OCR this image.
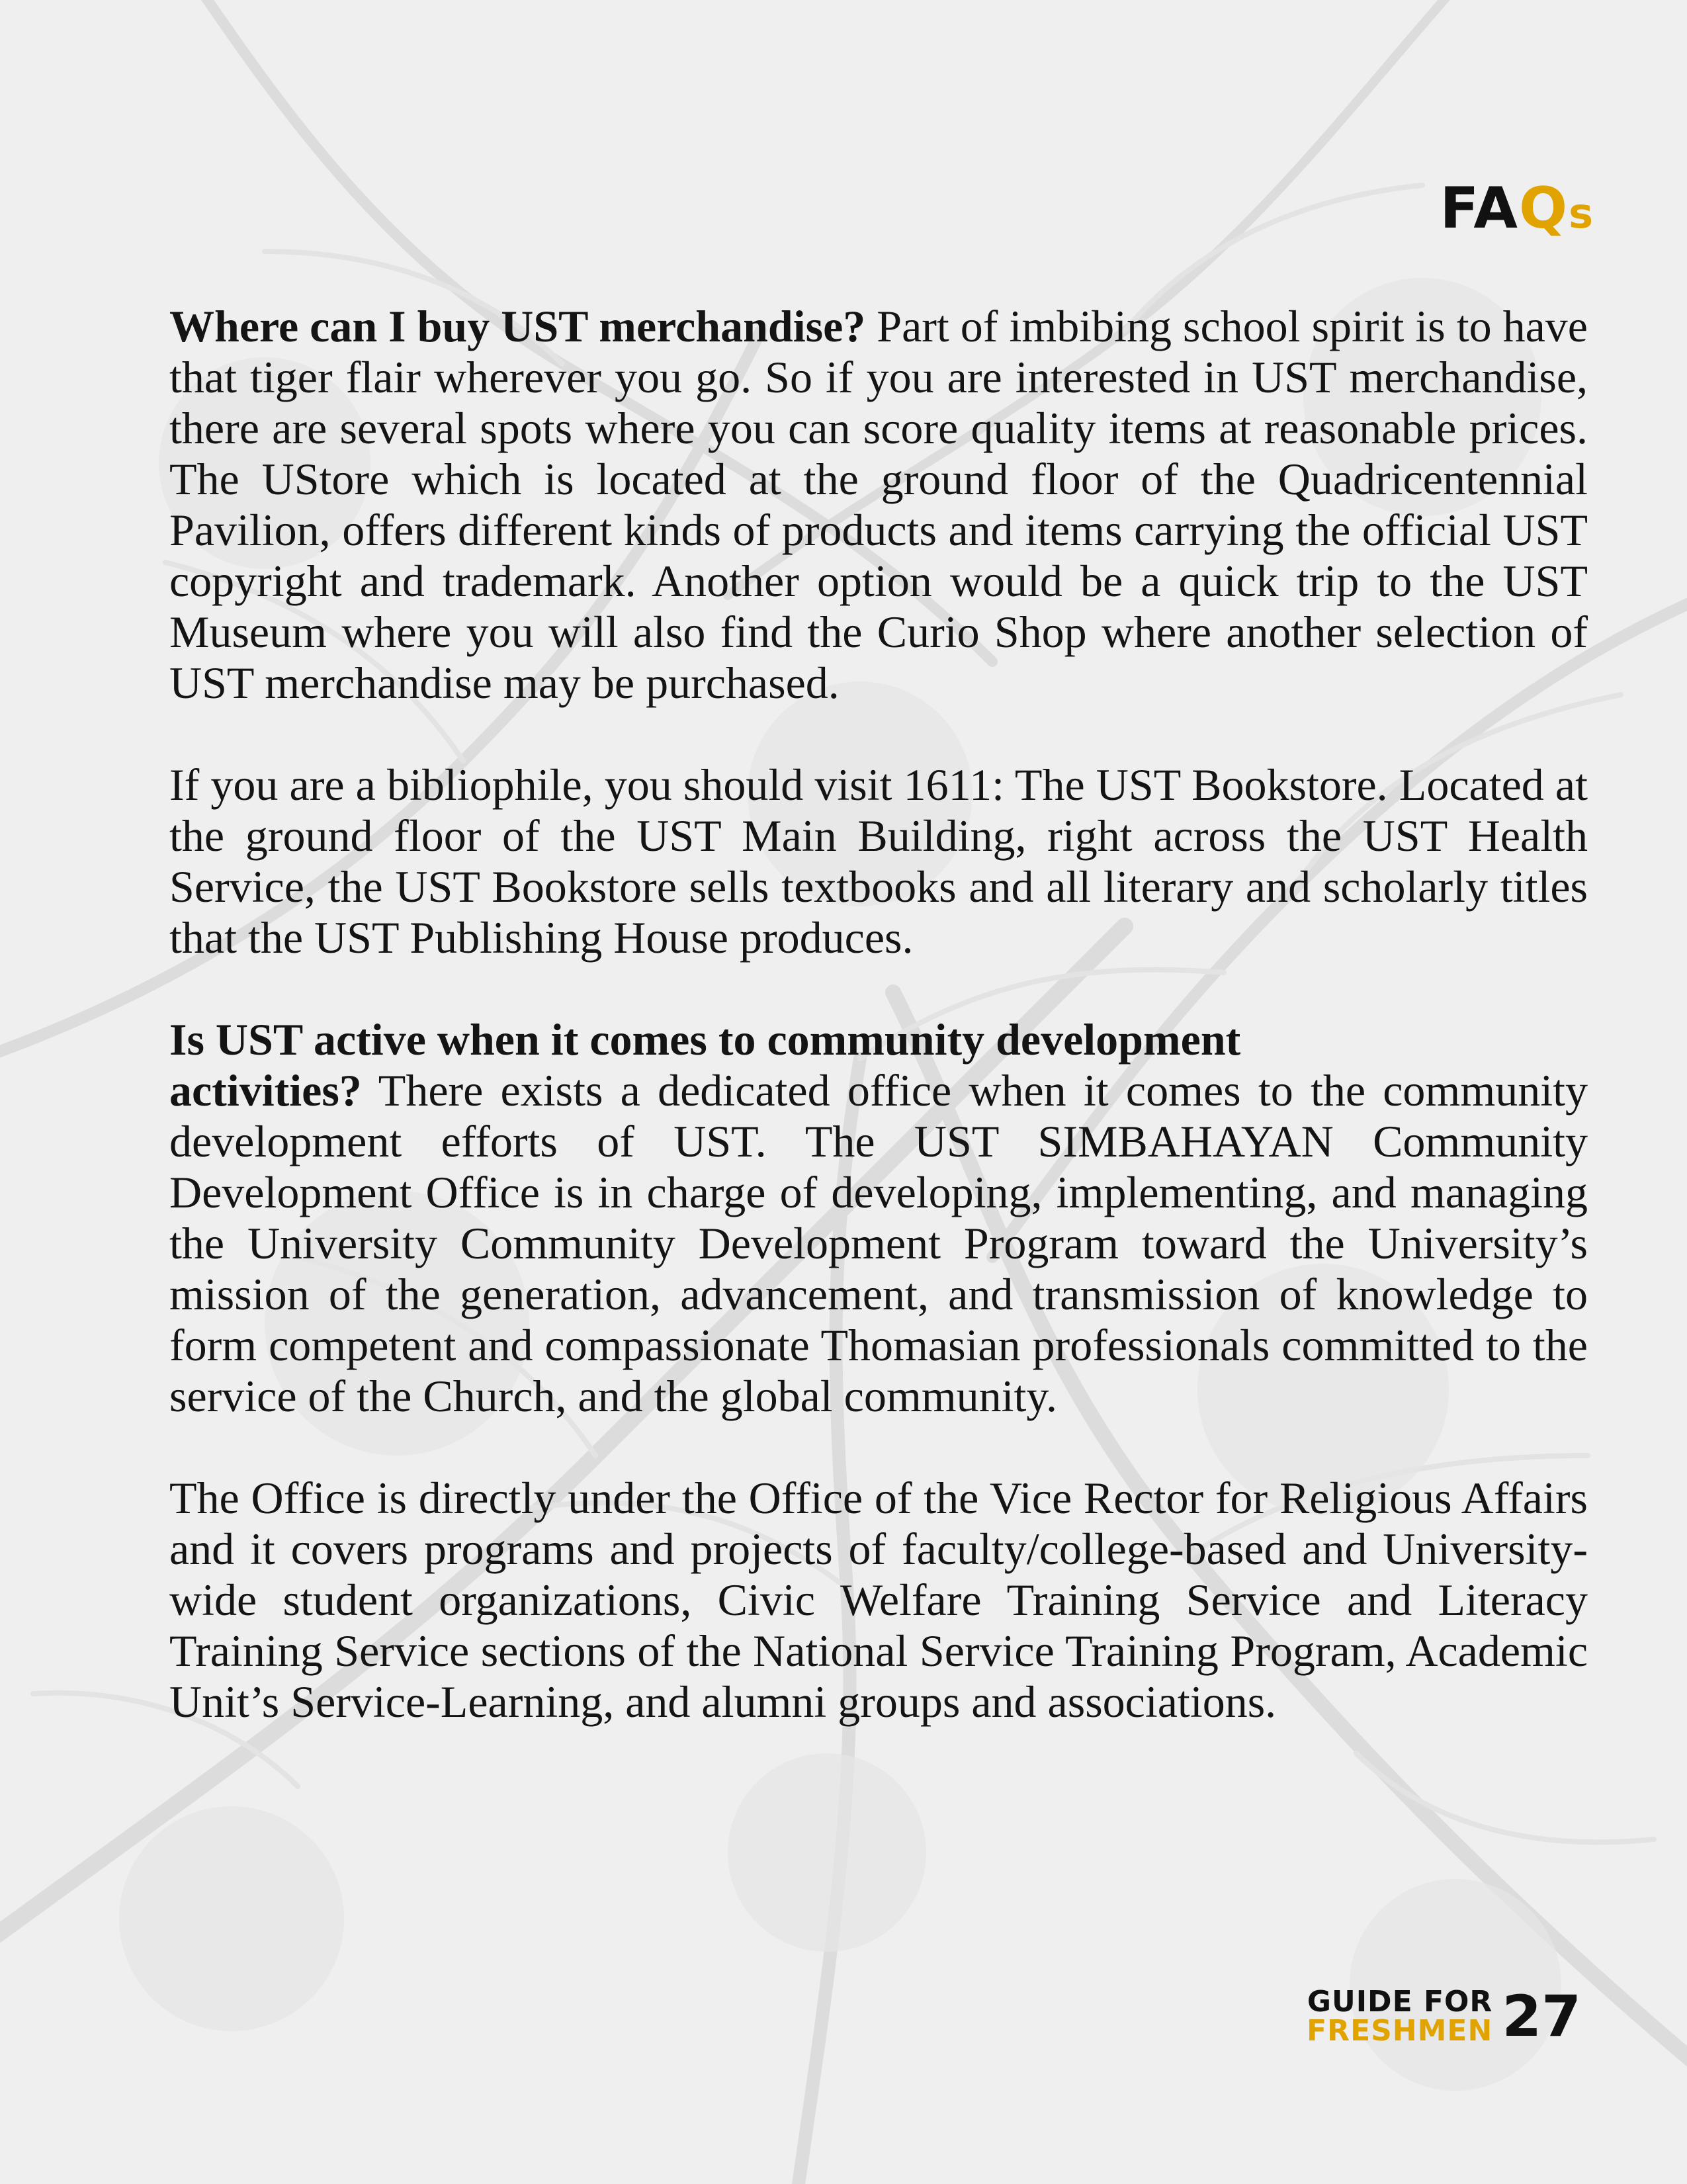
FAQs

Where can I buy UST merchandise? Part of imbibing school spirit is to have that tiger flair wherever you go. So if you are interested in UST merchandise, there are several spots where you can score quality items at reasonable prices. The UStore which is located at the ground floor of the Quadricentennial Pavilion, offers different kinds of products and items carrying the official UST copyright and trademark. Another option would be a quick trip to the UST Museum where you will also find the Curio Shop where another selection of UST merchandise may be purchased.

If you are a bibliophile, you should visit 1611: The UST Bookstore. Located at the ground floor of the UST Main Building, right across the UST Health Service, the UST Bookstore sells textbooks and all literary and scholarly titles that the UST Publishing House produces.

Is UST active when it comes to community development
activities? There exists a dedicated office when it comes to the community development efforts of UST. The UST SIMBAHAYAN Community Development Office is in charge of developing, implementing, and managing the University Community Development Program toward the University’s mission of the generation, advancement, and transmission of knowledge to form competent and compassionate Thomasian professionals committed to the service of the Church, and the global community.

The Office is directly under the Office of the Vice Rector for Religious Affairs and it covers programs and projects of faculty/college-based and University-wide student organizations, Civic Welfare Training Service and Literacy Training Service sections of the National Service Training Program, Academic Unit’s Service-Learning, and alumni groups and associations.

GUIDE FOR
FRESHMEN 27
